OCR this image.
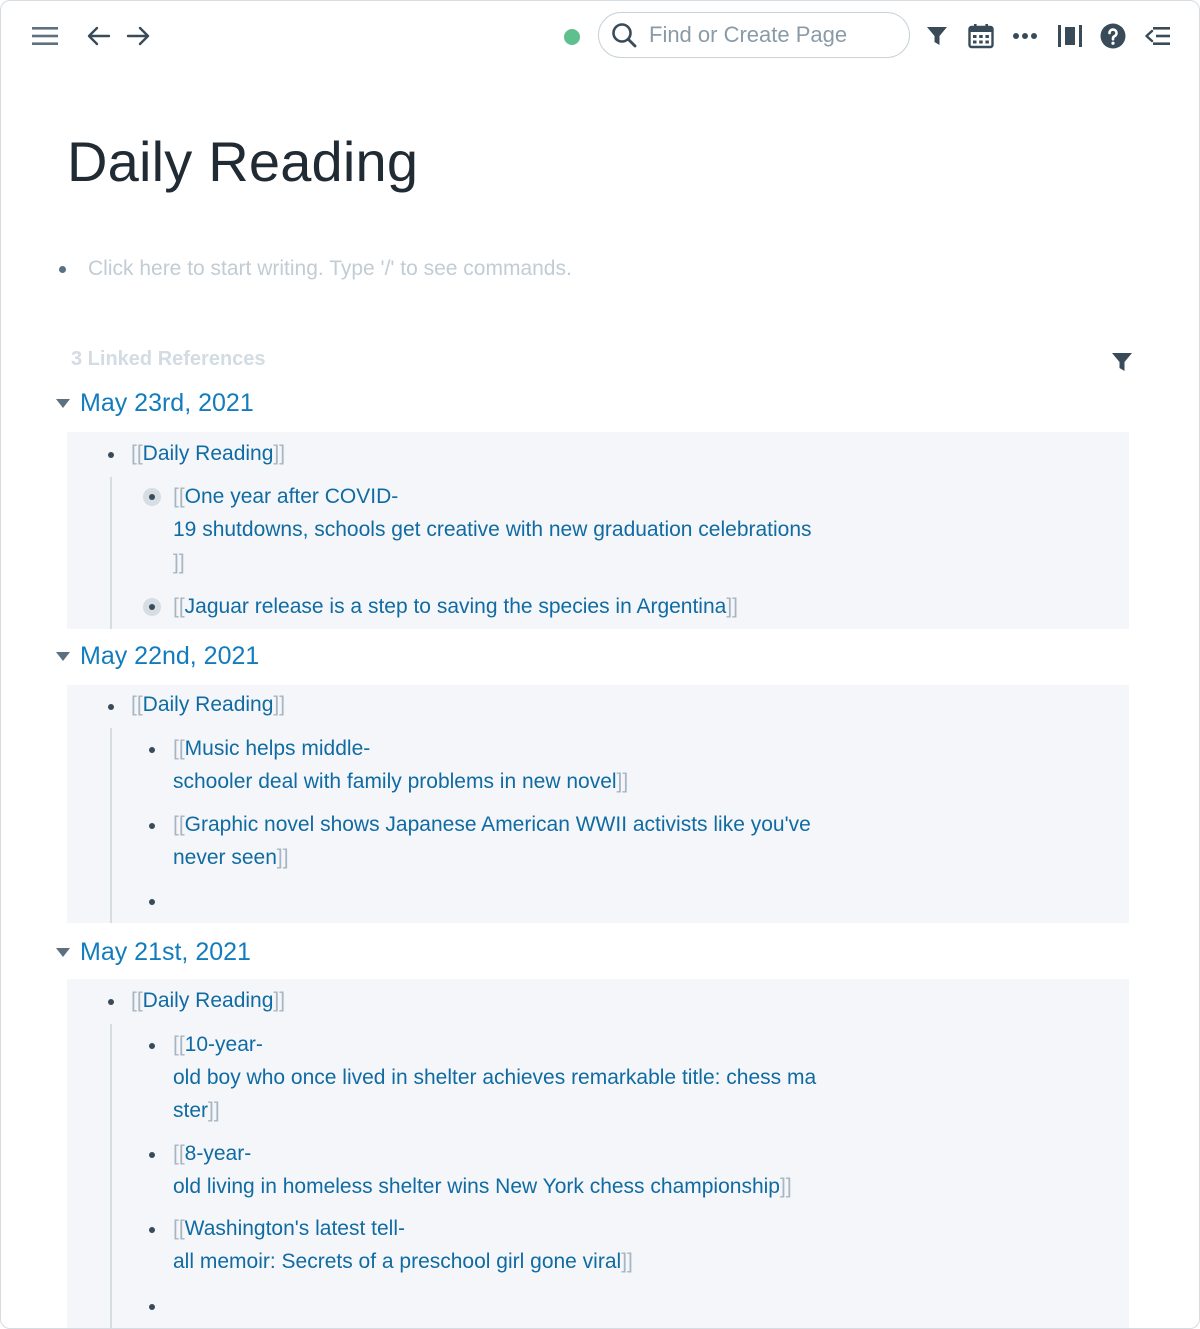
Find or Create Page
Daily Reading
Click here to start writing. Type '/' to see commands.
3 Linked References
May 23rd, 2021
[[Daily Reading]]
[[One year after COVID-
19 shutdowns, schools get creative with new graduation celebrations
]]
[[Jaguar release is a step to saving the species in Argentina]]
May 22nd, 2021
[[Daily Reading]]
[[Music helps middle-
schooler deal with family problems in new novel]]
[[Graphic novel shows Japanese American WWII activists like you've
never seen]]
May 21st, 2021
[[Daily Reading]]
[[10-year-
old boy who once lived in shelter achieves remarkable title: chess ma
ster]]
[[8-year-
old living in homeless shelter wins New York chess championship]]
[[Washington's latest tell-
all memoir: Secrets of a preschool girl gone viral]]
